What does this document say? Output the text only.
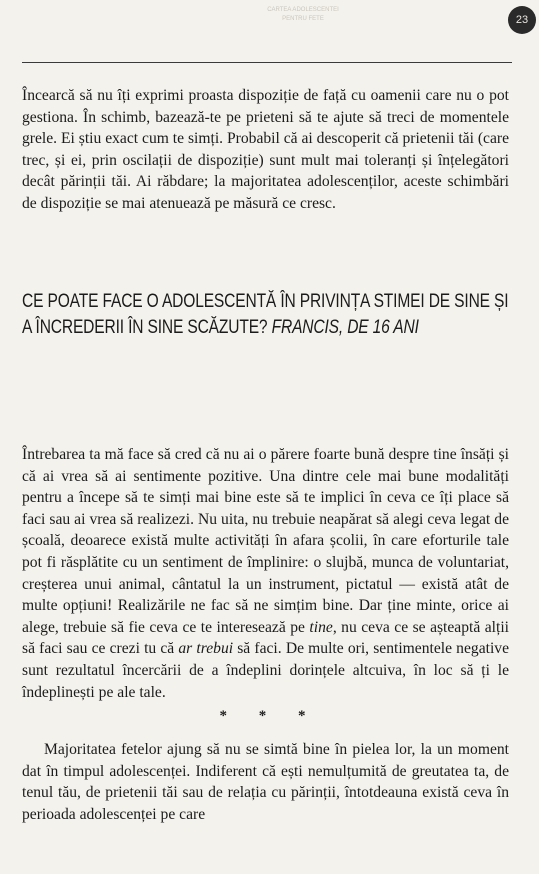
CARTEA ADOLESCENTEI
PENTRU FETE	23

Încearcă să nu îți exprimi proasta dispoziție de față cu oamenii care nu o pot gestiona. În schimb, bazează-te pe prieteni să te ajute să treci de momentele grele. Ei știu exact cum te simți. Probabil că ai descoperit că prietenii tăi (care trec, și ei, prin oscilații de dispoziție) sunt mult mai toleranți și înțelegători decât părinții tăi. Ai răbdare; la majoritatea adolescenților, aceste schimbări de dispoziție se mai atenuează pe măsură ce cresc.

CE POATE FACE O ADOLESCENTĂ ÎN PRIVINȚA STIMEI DE SINE ȘI A ÎNCREDERII ÎN SINE SCĂZUTE? FRANCIS, DE 16 ANI

Întrebarea ta mă face să cred că nu ai o părere foarte bună despre tine însăți și că ai vrea să ai sentimente pozitive. Una dintre cele mai bune modalități pentru a începe să te simți mai bine este să te implici în ceva ce îți place să faci sau ai vrea să realizezi. Nu uita, nu trebuie neapărat să alegi ceva legat de școală, deoarece există multe activități în afara școlii, în care eforturile tale pot fi răsplătite cu un sentiment de împlinire: o slujbă, munca de voluntariat, creșterea unui animal, cântatul la un instrument, pictatul — există atât de multe opțiuni! Realizările ne fac să ne simțim bine. Dar ține minte, orice ai alege, trebuie să fie ceva ce te interesează pe tine, nu ceva ce se așteaptă alții să faci sau ce crezi tu că ar trebui să faci. De multe ori, sentimentele negative sunt rezultatul încercării de a îndeplini dorințele altcuiva, în loc să ți le îndeplinești pe ale tale.

* * *

Majoritatea fetelor ajung să nu se simtă bine în pielea lor, la un moment dat în timpul adolescenței. Indiferent că ești nemulțumită de greutatea ta, de tenul tău, de prietenii tăi sau de relația cu părinții, întotdeauna există ceva în perioada adolescenței pe care
